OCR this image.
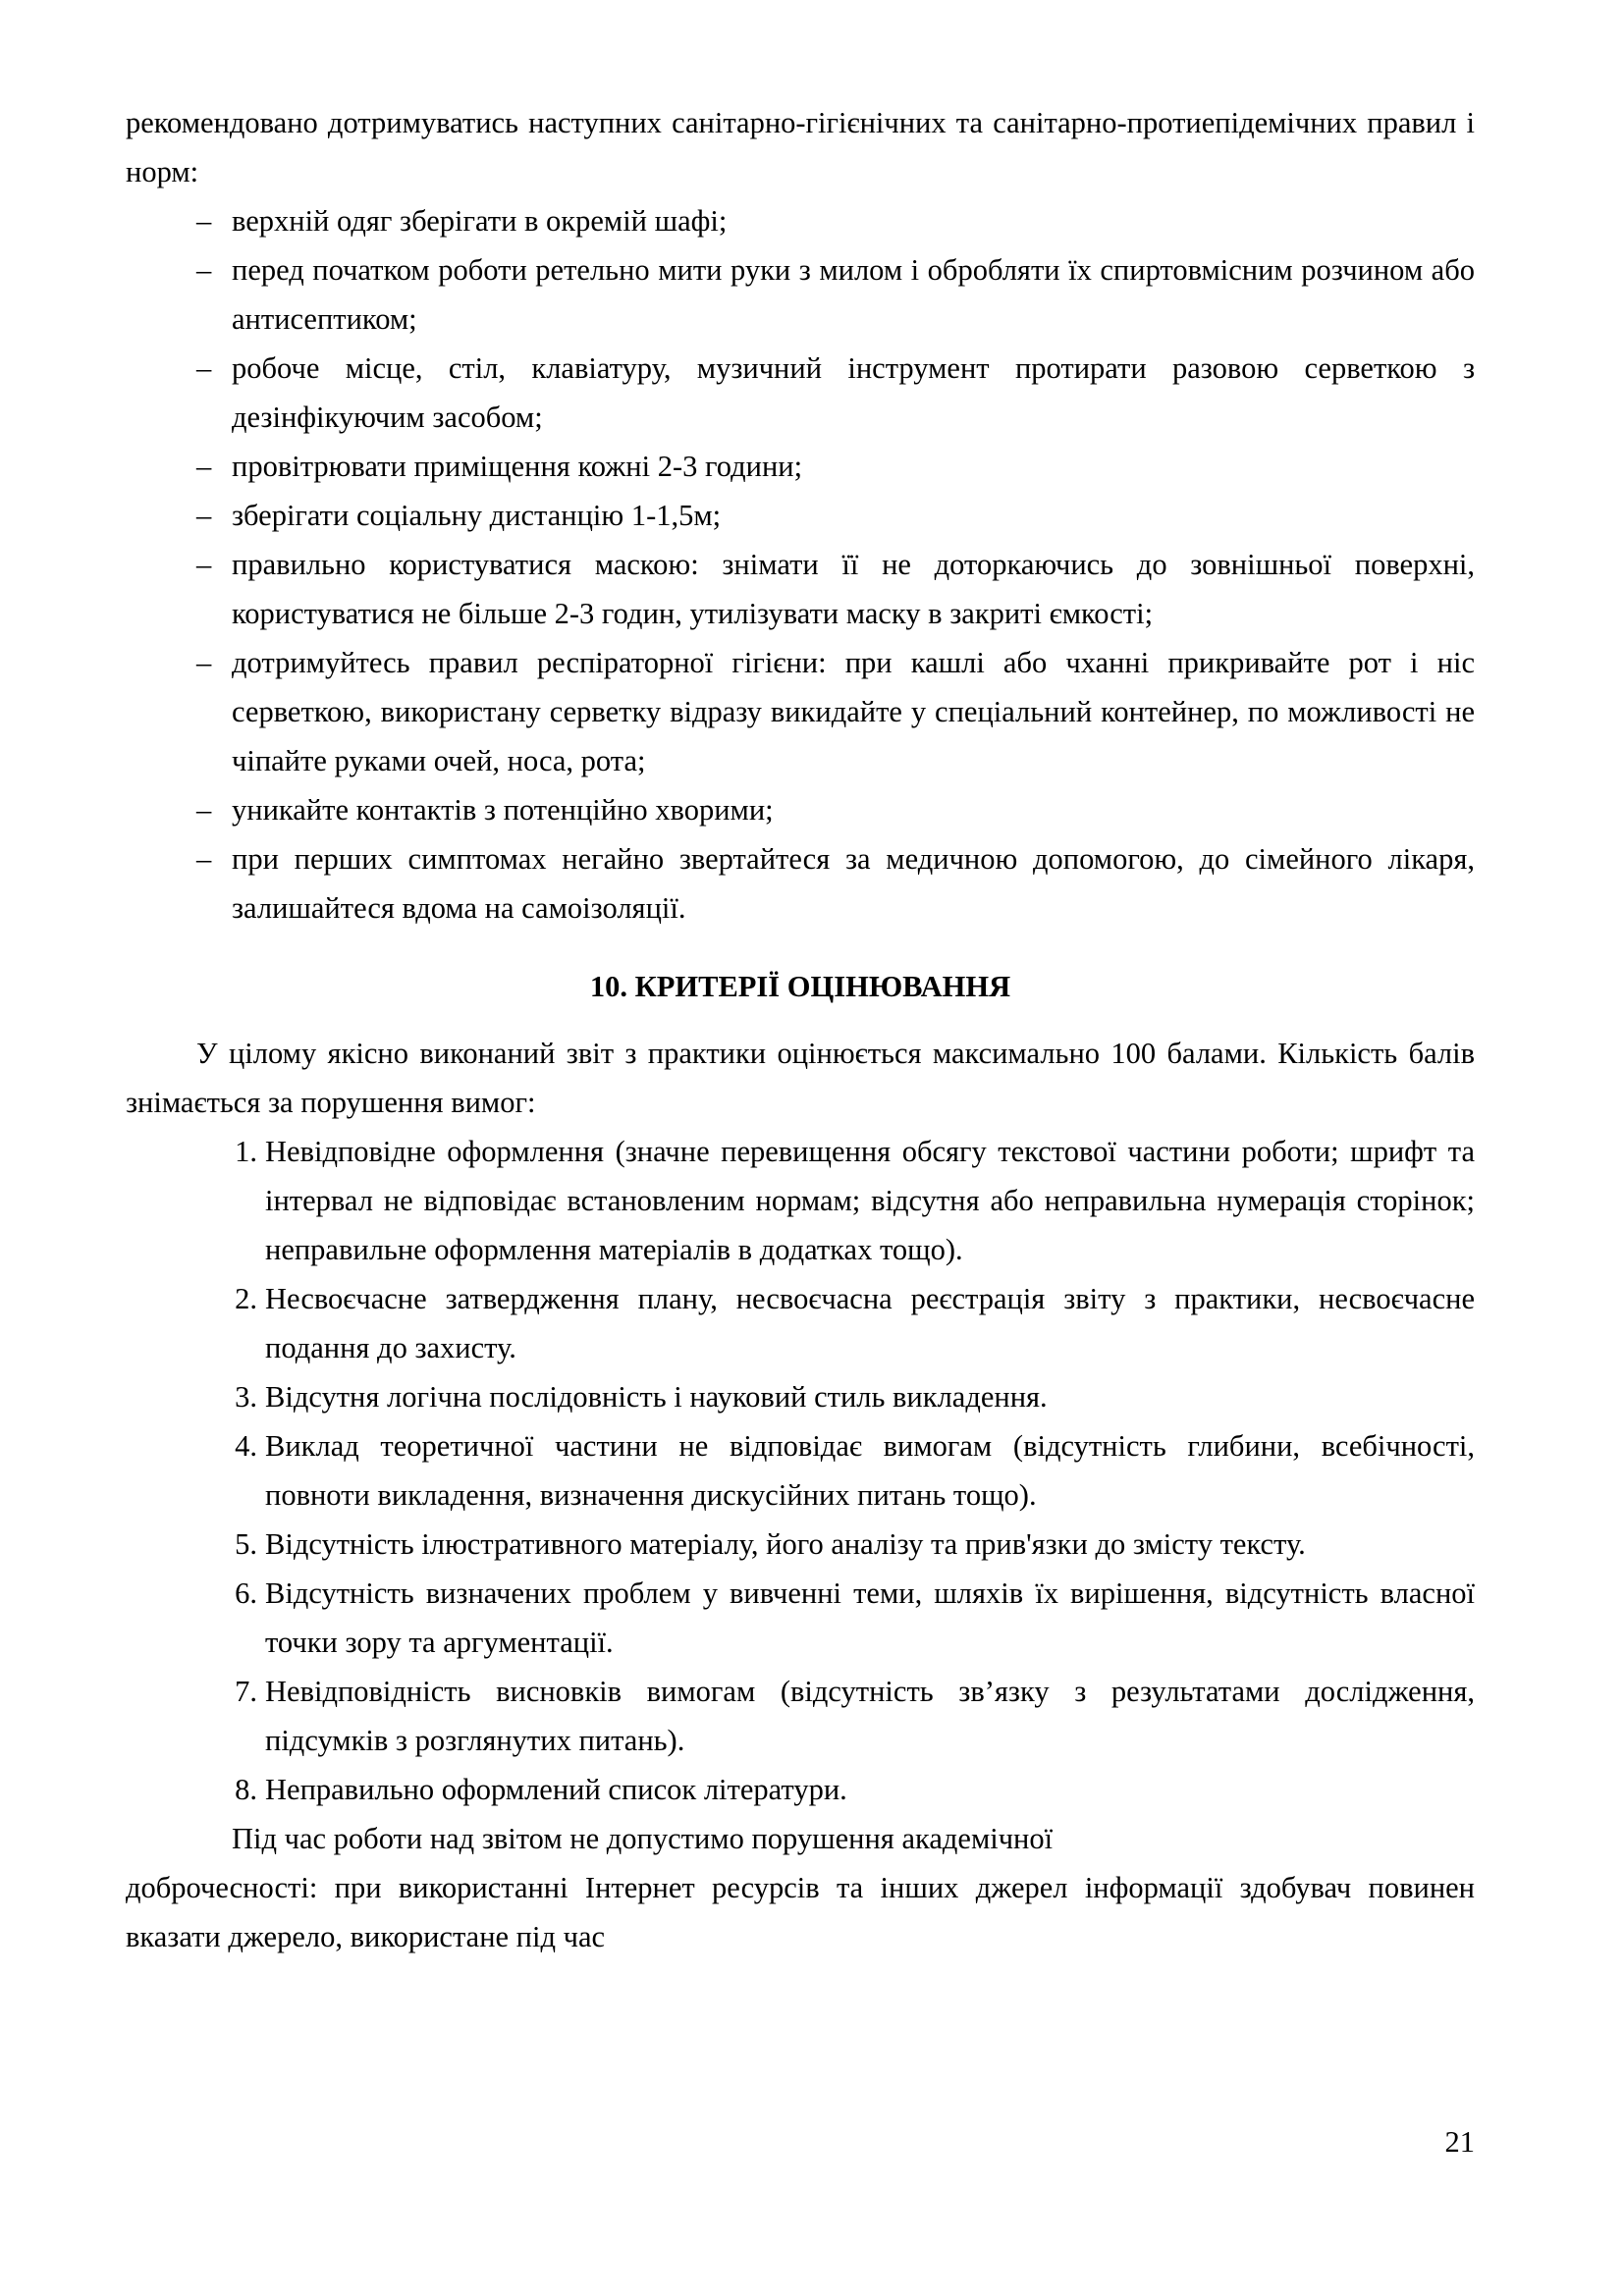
рекомендовано дотримуватись наступних санітарно-гігієнічних та санітарно-протиепідемічних правил і норм:

– верхній одяг зберігати в окремій шафі;
– перед початком роботи ретельно мити руки з милом і обробляти їх спиртовмісним розчином або антисептиком;
– робоче місце, стіл, клавіатуру, музичний інструмент протирати разовою серветкою з дезінфікуючим засобом;
– провітрювати приміщення кожні 2-3 години;
– зберігати соціальну дистанцію 1-1,5м;
– правильно користуватися маскою: знімати її не доторкаючись до зовнішньої поверхні, користуватися не більше 2-3 годин, утилізувати маску в закриті ємкості;
– дотримуйтесь правил респіраторної гігієни: при кашлі або чханні прикривайте рот і ніс серветкою, використану серветку відразу викидайте у спеціальний контейнер, по можливості не чіпайте руками очей, носа, рота;
– уникайте контактів з потенційно хворими;
– при перших симптомах негайно звертайтеся за медичною допомогою, до сімейного лікаря, залишайтеся вдома на самоізоляції.
10. КРИТЕРІЇ ОЦІНЮВАННЯ

У цілому якісно виконаний звіт з практики оцінюється максимально 100 балами. Кількість балів знімається за порушення вимог:

1. Невідповідне оформлення (значне перевищення обсягу текстової частини роботи; шрифт та інтервал не відповідає встановленим нормам; відсутня або неправильна нумерація сторінок; неправильне оформлення матеріалів в додатках тощо).
2. Несвоєчасне затвердження плану, несвоєчасна реєстрація звіту з практики, несвоєчасне подання до захисту.
3. Відсутня логічна послідовність і науковий стиль викладення.
4. Виклад теоретичної частини не відповідає вимогам (відсутність глибини, всебічності, повноти викладення, визначення дискусійних питань тощо).
5. Відсутність ілюстративного матеріалу, його аналізу та прив'язки до змісту тексту.
6. Відсутність визначених проблем у вивченні теми, шляхів їх вирішення, відсутність власної точки зору та аргументації.
7. Невідповідність висновків вимогам (відсутність зв’язку з результатами дослідження, підсумків з розглянутих питань).
8. Неправильно оформлений список літератури.

Під час роботи над звітом не допустимо порушення академічної

доброчесності: при використанні Інтернет ресурсів та інших джерел інформації здобувач повинен вказати джерело, використане під час

21
